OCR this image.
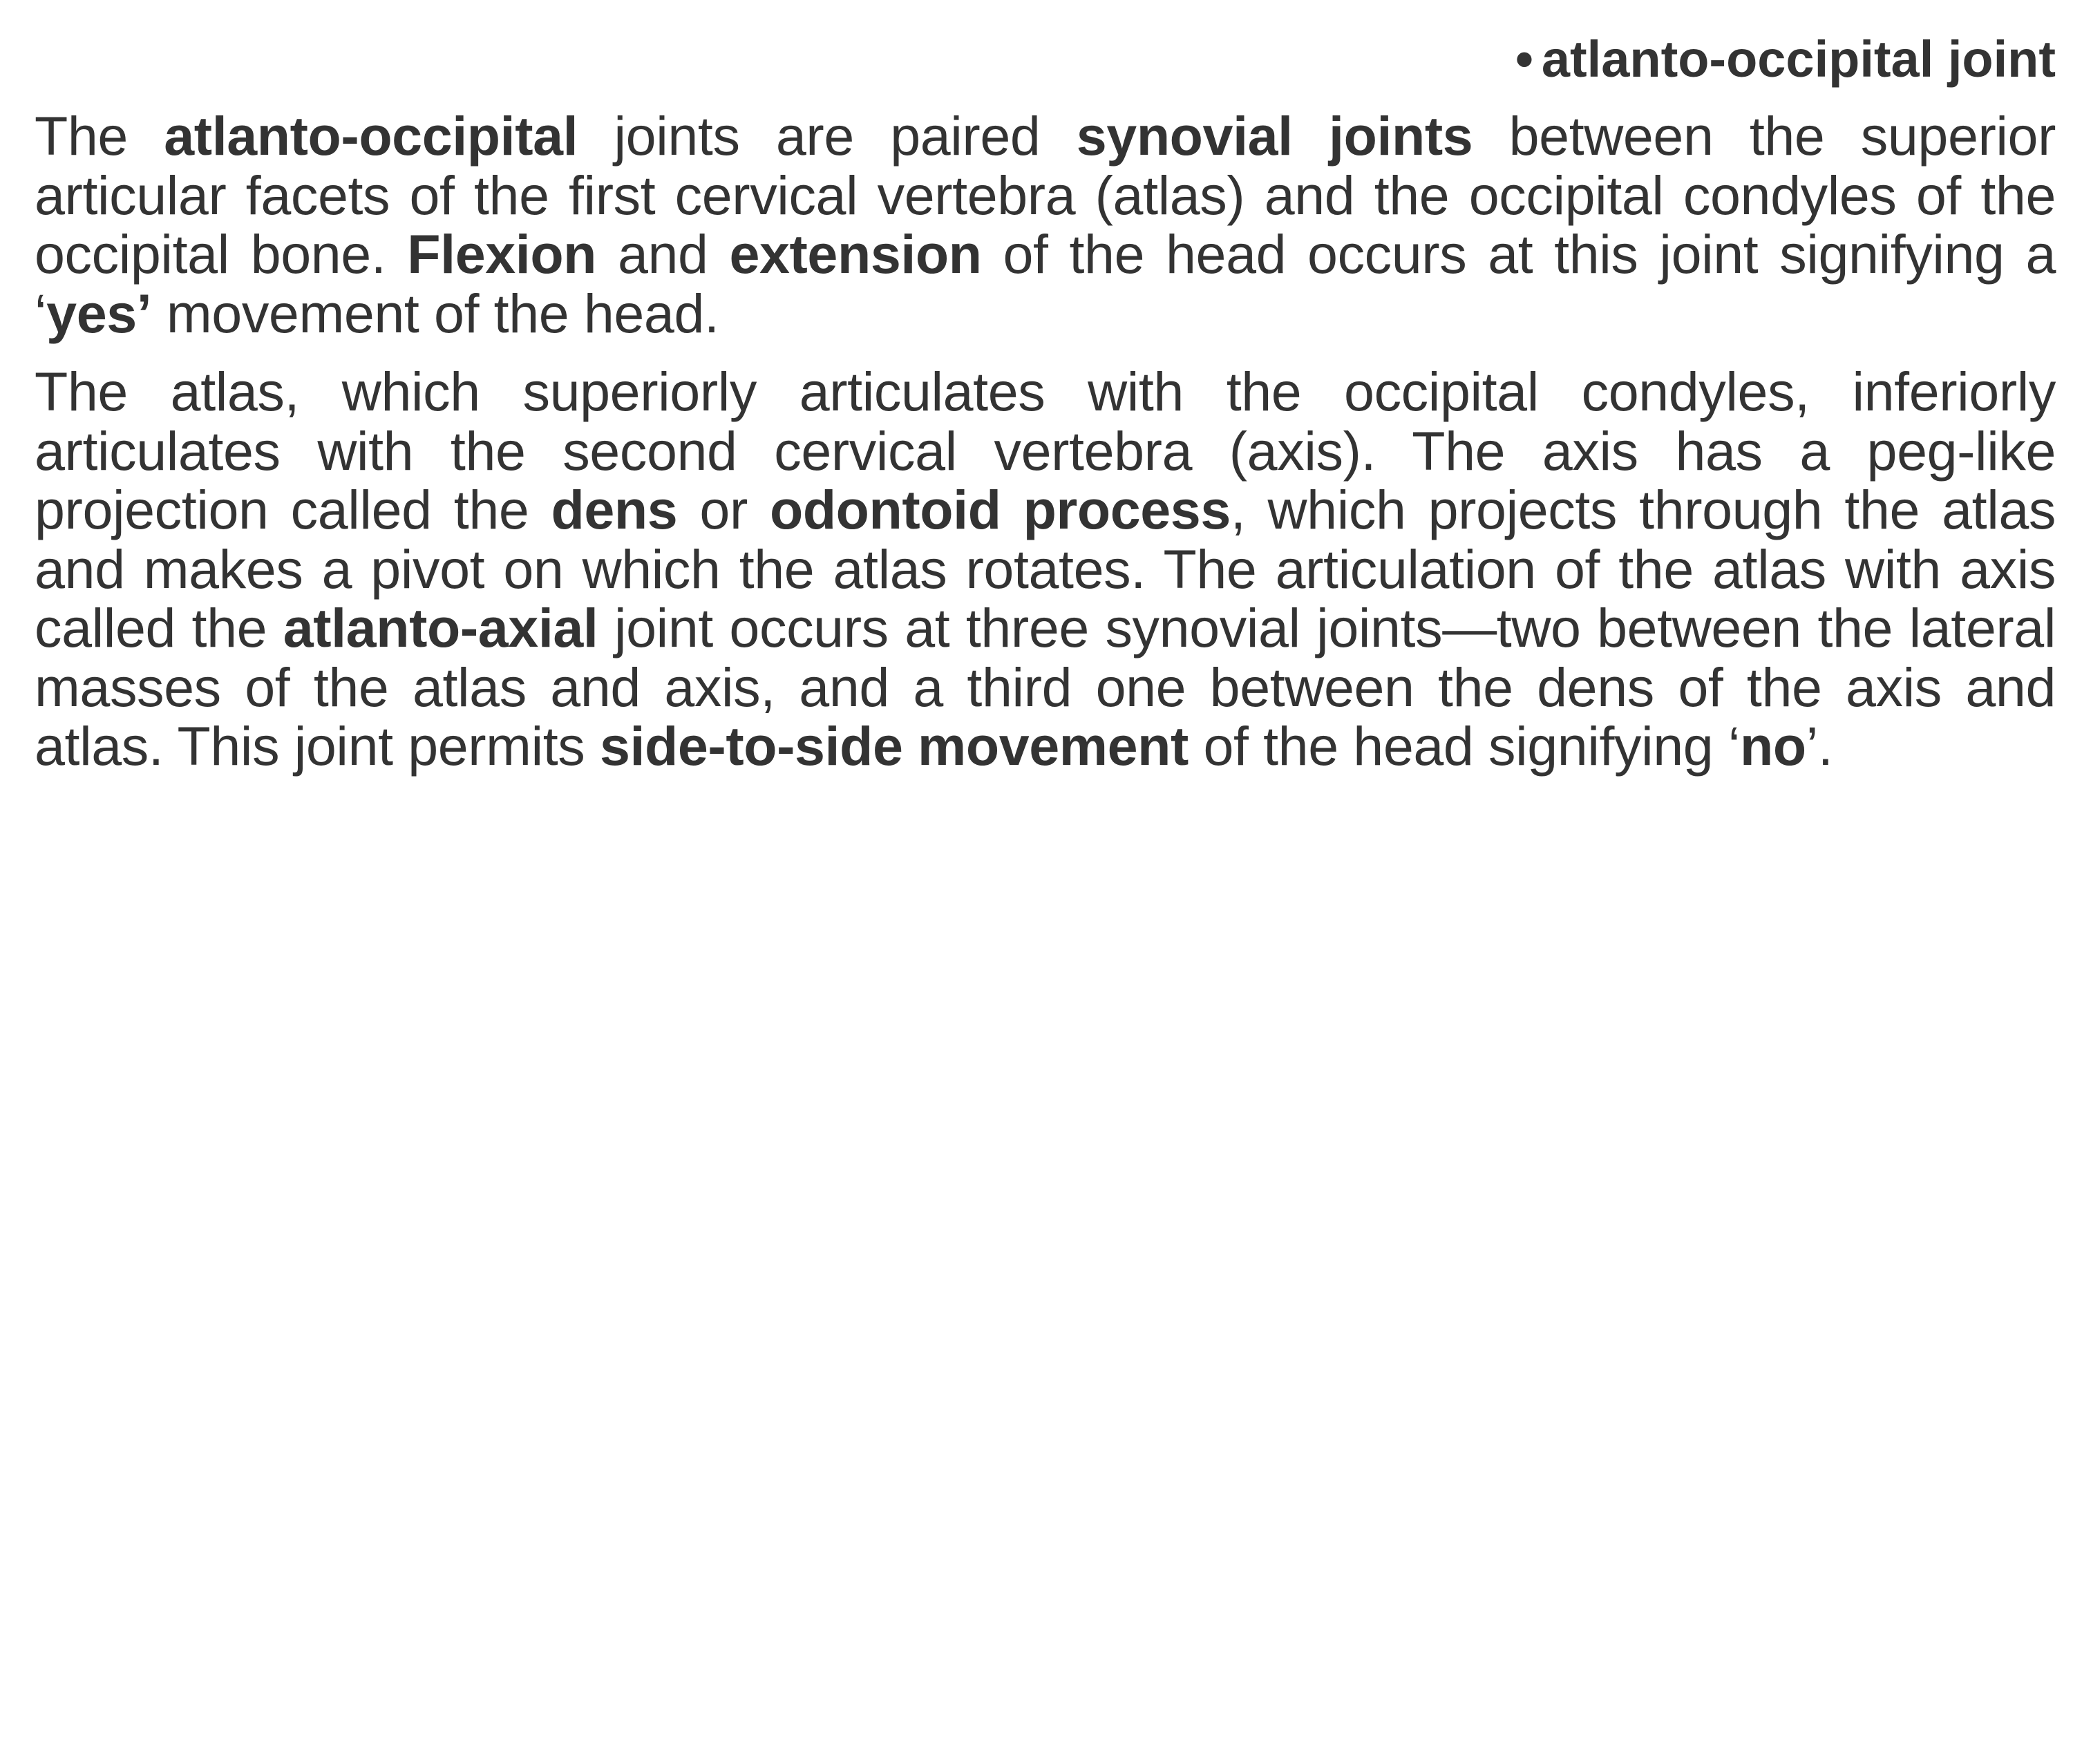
• atlanto-occipital joint

The atlanto-occipital joints are paired synovial joints between the superior articular facets of the first cervical vertebra (atlas) and the occipital condyles of the occipital bone. Flexion and extension of the head occurs at this joint signifying a ‘yes’ movement of the head.

The atlas, which superiorly articulates with the occipital condyles, inferiorly articulates with the second cervical vertebra (axis). The axis has a peg-like projection called the dens or odontoid process, which projects through the atlas and makes a pivot on which the atlas rotates. The articulation of the atlas with axis called the atlanto-axial joint occurs at three synovial joints—two between the lateral masses of the atlas and axis, and a third one between the dens of the axis and atlas. This joint permits side-to-side movement of the head signifying ‘no’.
